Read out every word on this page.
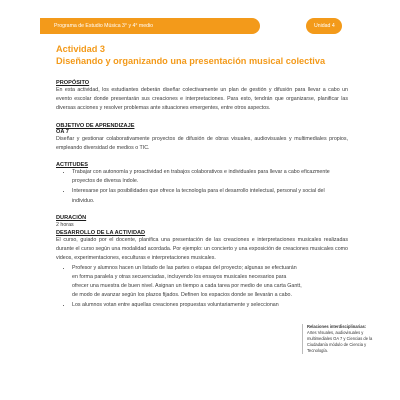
Programa de Estudio Música 3° y 4° medio	Unidad 4
Actividad 3
Diseñando y organizando una presentación musical colectiva
PROPÓSITO

En esta actividad, los estudiantes deberán diseñar colectivamente un plan de gestión y difusión para llevar a cabo un evento escolar donde presentarán sus creaciones e interpretaciones. Para esto, tendrán que organizarse, planificar las diversas acciones y resolver problemas ante situaciones emergentes, entre otros aspectos.

OBJETIVO DE APRENDIZAJE
OA 7

Diseñar y gestionar colaborativamente proyectos de difusión de obras visuales, audiovisuales y multimediales propios, empleando diversidad de medios o TIC.

ACTITUDES
• Trabajar con autonomía y proactividad en trabajos colaborativos e individuales para llevar a cabo eficazmente proyectos de diversa índole.
• Interesarse por las posibilidades que ofrece la tecnología para el desarrollo intelectual, personal y social del individuo.
DURACIÓN

2 horas

DESARROLLO DE LA ACTIVIDAD

El curso, guiado por el docente, planifica una presentación de las creaciones e interpretaciones musicales realizadas durante el curso según una modalidad acordada. Por ejemplo: un concierto y una exposición de creaciones musicales como videos, experimentaciones, esculturas e interpretaciones musicales.

• Profesor y alumnos hacen un listado de las partes o etapas del proyecto; algunas se efectuarán en forma paralela y otras secuenciadas, incluyendo los ensayos musicales necesarios para ofrecer una muestra de buen nivel. Asignan un tiempo a cada tarea por medio de una carta Gantt, de modo de avanzar según los plazos fijados. Definen los espacios donde se llevarán a cabo.
• Los alumnos votan entre aquellas creaciones propuestas voluntariamente y seleccionan
Relaciones interdisciplinarias:
Artes Visuales, audiovisuales y multimediales OA 7 y Ciencias de la Ciudadanía módulo de Ciencia y Tecnología.
